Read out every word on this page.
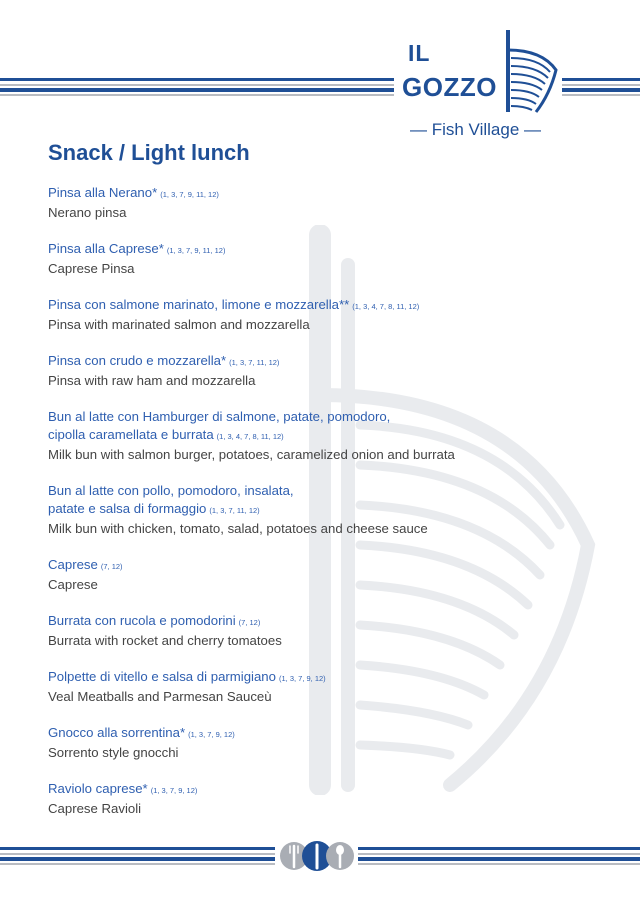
IL
GOZZO
— Fish Village —
Snack / Light lunch
Pinsa alla Nerano* (1, 3, 7, 9, 11, 12)
Nerano pinsa
Pinsa alla Caprese* (1, 3, 7, 9, 11, 12)
Caprese Pinsa
Pinsa con salmone marinato, limone e mozzarella** (1, 3, 4, 7, 8, 11, 12)
Pinsa with marinated salmon and mozzarella
Pinsa con crudo e mozzarella* (1, 3, 7, 11, 12)
Pinsa with raw ham and mozzarella
Bun al latte con Hamburger di salmone, patate, pomodoro,
cipolla caramellata e burrata (1, 3, 4, 7, 8, 11, 12)
Milk bun with salmon burger, potatoes, caramelized onion and burrata
Bun al latte con pollo, pomodoro, insalata,
patate e salsa di formaggio (1, 3, 7, 11, 12)
Milk bun with chicken, tomato, salad, potatoes and cheese sauce
Caprese (7, 12)
Caprese
Burrata con rucola e pomodorini (7, 12)
Burrata with rocket and cherry tomatoes
Polpette di vitello e salsa di parmigiano (1, 3, 7, 9, 12)
Veal Meatballs and Parmesan Sauceù
Gnocco alla sorrentina* (1, 3, 7, 9, 12)
Sorrento style gnocchi
Raviolo caprese* (1, 3, 7, 9, 12)
Caprese Ravioli
